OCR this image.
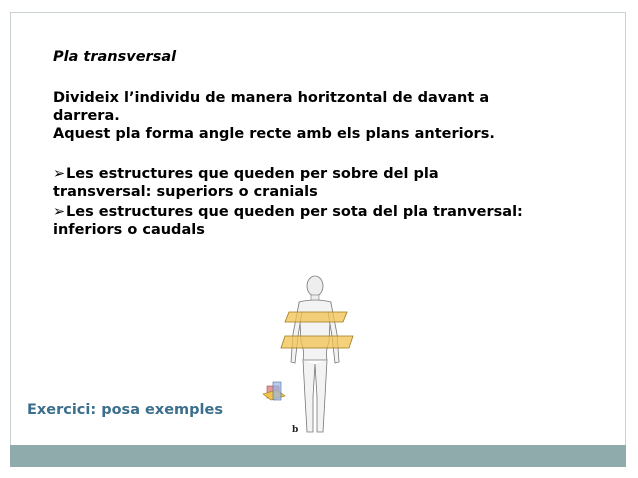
Pla transversal
Divideix l’individu de manera horitzontal de davant a
darrera.
Aquest pla forma angle recte amb els plans anteriors.
➢Les estructures que queden per sobre del pla
transversal: superiors o cranials
➢Les estructures que queden per sota del pla tranversal:
inferiors o caudals
b
Exercici: posa exemples
